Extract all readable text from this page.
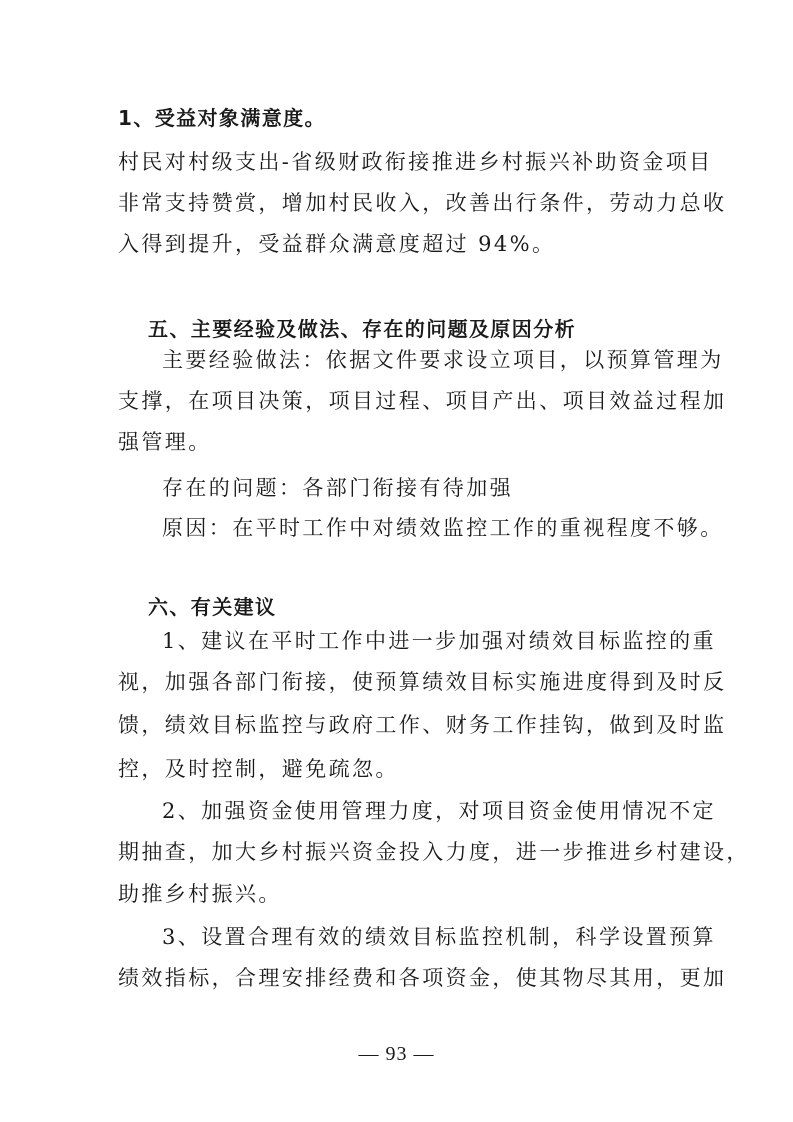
1、受益对象满意度。
村民对村级支出-省级财政衔接推进乡村振兴补助资金项目
非常支持赞赏，增加村民收入，改善出行条件，劳动力总收
入得到提升，受益群众满意度超过 94%。
五、主要经验及做法、存在的问题及原因分析
主要经验做法：依据文件要求设立项目，以预算管理为
支撑，在项目决策，项目过程、项目产出、项目效益过程加
强管理。
存在的问题：各部门衔接有待加强
原因：在平时工作中对绩效监控工作的重视程度不够。
六、有关建议
1、建议在平时工作中进一步加强对绩效目标监控的重
视，加强各部门衔接，使预算绩效目标实施进度得到及时反
馈，绩效目标监控与政府工作、财务工作挂钩，做到及时监
控，及时控制，避免疏忽。
2、加强资金使用管理力度，对项目资金使用情况不定
期抽查，加大乡村振兴资金投入力度，进一步推进乡村建设，
助推乡村振兴。
3、设置合理有效的绩效目标监控机制，科学设置预算
绩效指标，合理安排经费和各项资金，使其物尽其用，更加
— 93 —
